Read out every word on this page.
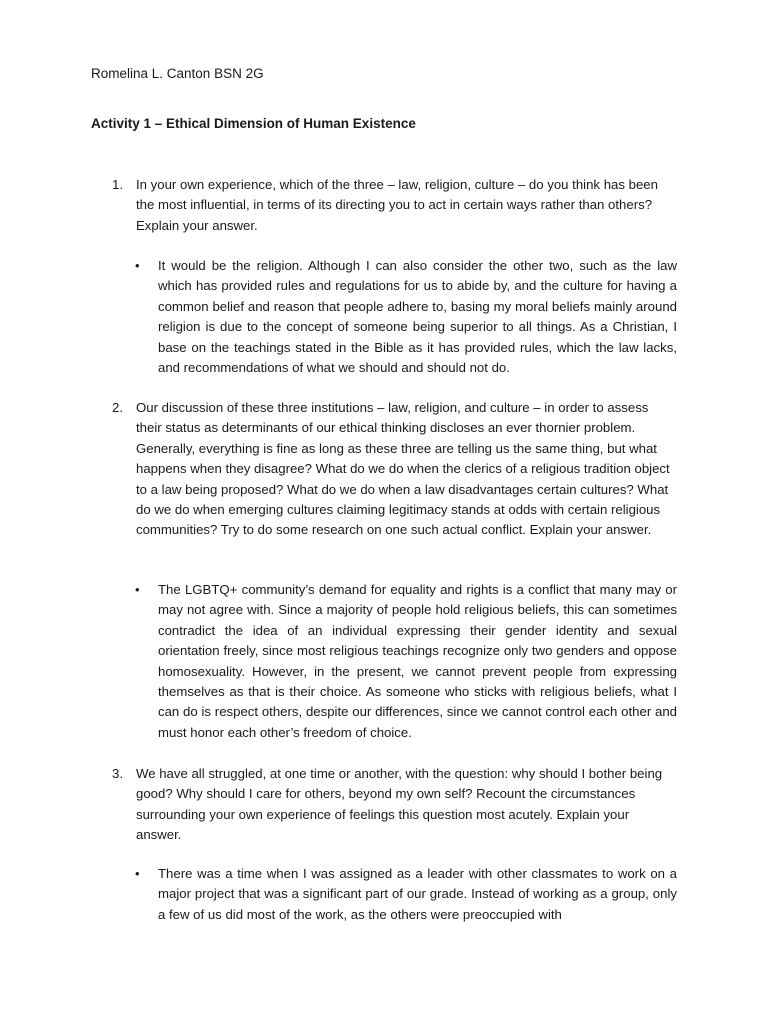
Romelina L. Canton BSN 2G
Activity 1 – Ethical Dimension of Human Existence
1. In your own experience, which of the three – law, religion, culture – do you think has been the most influential, in terms of its directing you to act in certain ways rather than others? Explain your answer.
• It would be the religion. Although I can also consider the other two, such as the law which has provided rules and regulations for us to abide by, and the culture for having a common belief and reason that people adhere to, basing my moral beliefs mainly around religion is due to the concept of someone being superior to all things. As a Christian, I base on the teachings stated in the Bible as it has provided rules, which the law lacks, and recommendations of what we should and should not do.
2. Our discussion of these three institutions – law, religion, and culture – in order to assess their status as determinants of our ethical thinking discloses an ever thornier problem. Generally, everything is fine as long as these three are telling us the same thing, but what happens when they disagree? What do we do when the clerics of a religious tradition object to a law being proposed? What do we do when a law disadvantages certain cultures? What do we do when emerging cultures claiming legitimacy stands at odds with certain religious communities? Try to do some research on one such actual conflict. Explain your answer.
• The LGBTQ+ community’s demand for equality and rights is a conflict that many may or may not agree with. Since a majority of people hold religious beliefs, this can sometimes contradict the idea of an individual expressing their gender identity and sexual orientation freely, since most religious teachings recognize only two genders and oppose homosexuality. However, in the present, we cannot prevent people from expressing themselves as that is their choice. As someone who sticks with religious beliefs, what I can do is respect others, despite our differences, since we cannot control each other and must honor each other’s freedom of choice.
3. We have all struggled, at one time or another, with the question: why should I bother being good? Why should I care for others, beyond my own self? Recount the circumstances surrounding your own experience of feelings this question most acutely. Explain your answer.
• There was a time when I was assigned as a leader with other classmates to work on a major project that was a significant part of our grade. Instead of working as a group, only a few of us did most of the work, as the others were preoccupied with
